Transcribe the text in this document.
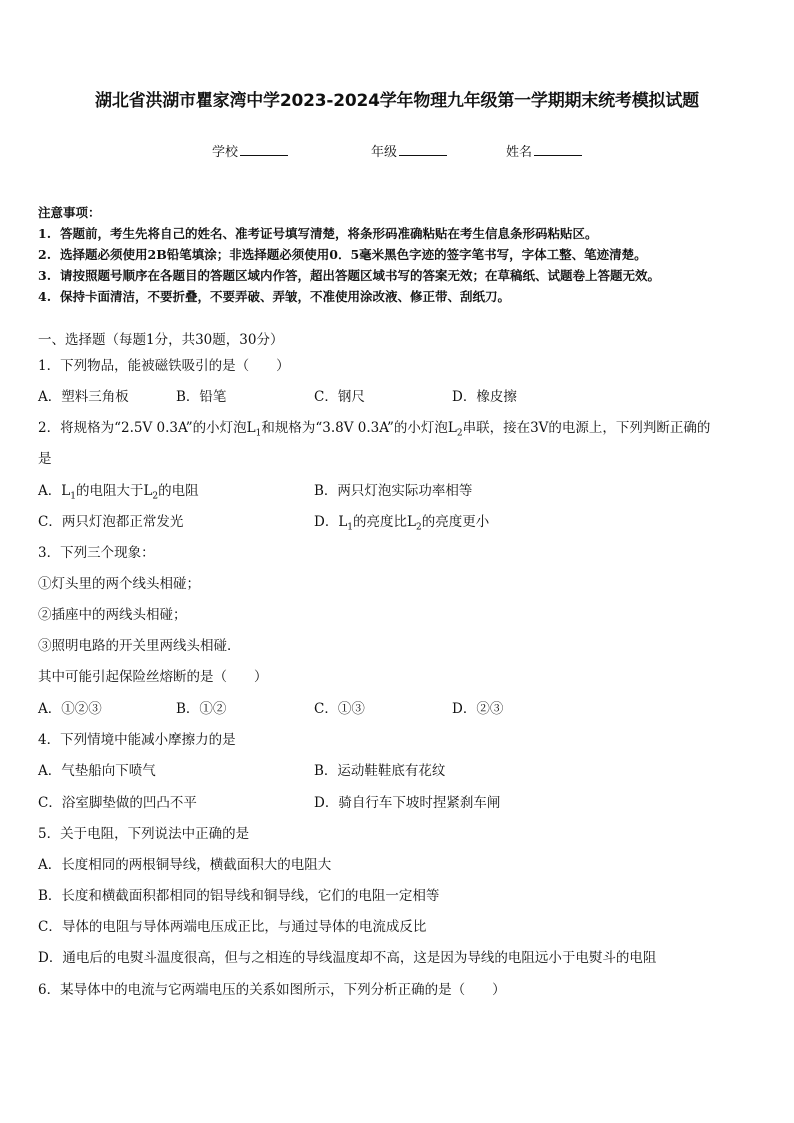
湖北省洪湖市瞿家湾中学2023-2024学年物理九年级第一学期期末统考模拟试题
学校	年级	姓名
注意事项：
1. 答题前，考生先将自己的姓名、准考证号填写清楚，将条形码准确粘贴在考生信息条形码粘贴区。
2. 选择题必须使用2B铅笔填涂；非选择题必须使用0．5毫米黑色字迹的签字笔书写，字体工整、笔迹清楚。
3. 请按照题号顺序在各题目的答题区域内作答，超出答题区域书写的答案无效；在草稿纸、试题卷上答题无效。
4. 保持卡面清洁，不要折叠，不要弄破、弄皱，不准使用涂改液、修正带、刮纸刀。
一、选择题（每题1分，共30题，30分）
1．下列物品，能被磁铁吸引的是（　　）
A．塑料三角板	B．铅笔	C．钢尺	D．橡皮擦
2．将规格为“2.5V 0.3A”的小灯泡$L_1$和规格为“3.8V 0.3A”的小灯泡$L_2$串联，接在3V的电源上，下列判断正确的
是
A．$L_1$的电阻大于$L_2$的电阻	B．两只灯泡实际功率相等
C．两只灯泡都正常发光	D．$L_1$的亮度比$L_2$的亮度更小
3．下列三个现象：
①灯头里的两个线头相碰；
②插座中的两线头相碰；
③照明电路的开关里两线头相碰．
其中可能引起保险丝熔断的是（　　）
A．①②③	B．①②	C．①③	D．②③
4．下列情境中能减小摩擦力的是
A．气垫船向下喷气	B．运动鞋鞋底有花纹
C．浴室脚垫做的凹凸不平	D．骑自行车下坡时捏紧刹车闸
5．关于电阻，下列说法中正确的是
A．长度相同的两根铜导线，横截面积大的电阻大
B．长度和横截面积都相同的铝导线和铜导线，它们的电阻一定相等
C．导体的电阻与导体两端电压成正比，与通过导体的电流成反比
D．通电后的电熨斗温度很高，但与之相连的导线温度却不高，这是因为导线的电阻远小于电熨斗的电阻
6．某导体中的电流与它两端电压的关系如图所示，下列分析正确的是（　　）
